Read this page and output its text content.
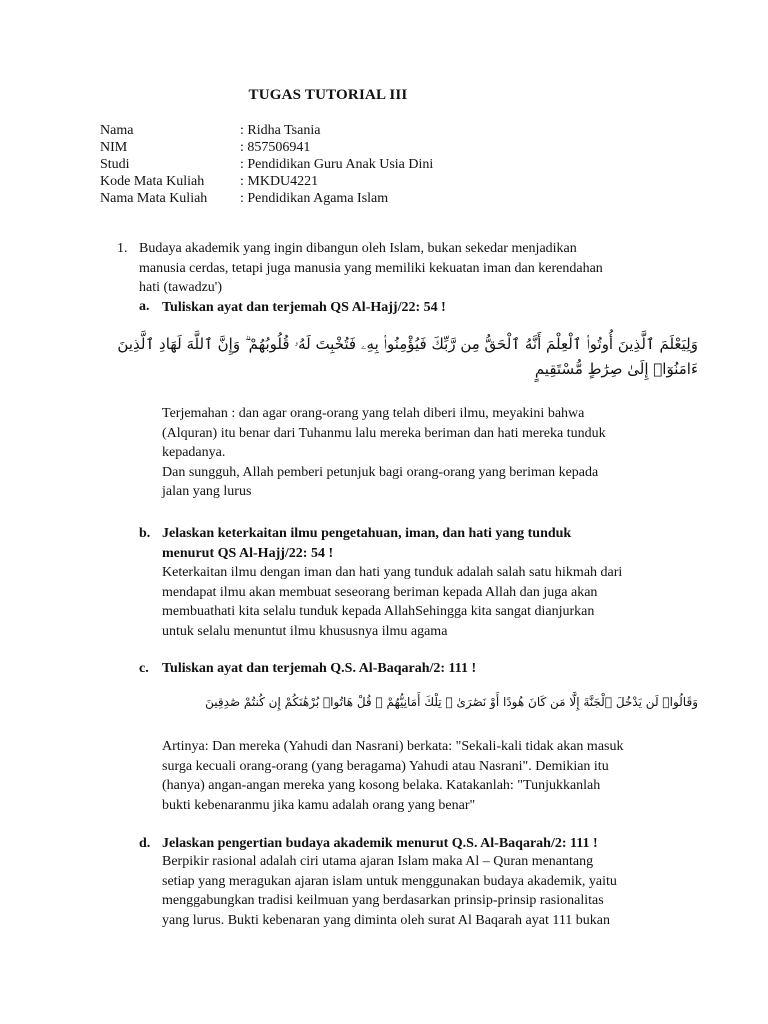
TUGAS TUTORIAL III
Nama	: Ridha Tsania
NIM	: 857506941
Studi	: Pendidikan Guru Anak Usia Dini
Kode Mata Kuliah	: MKDU4221
Nama Mata Kuliah : Pendidikan Agama Islam
1. Budaya akademik yang ingin dibangun oleh Islam, bukan sekedar menjadikan
manusia cerdas, tetapi juga manusia yang memiliki kekuatan iman dan kerendahan
hati (tawadzu')
a. Tuliskan ayat dan terjemah QS Al-Hajj/22: 54 !
وَلِيَعْلَمَ ٱلَّذِينَ أُوتُوا۟ ٱلْعِلْمَ أَنَّهُ ٱلْحَقُّ مِن رَّبِّكَ فَيُؤْمِنُوا۟ بِهِۦ فَتُخْبِتَ لَهُۥ قُلُوبُهُمْ ۗ وَإِنَّ ٱللَّهَ لَهَادِ ٱلَّذِينَ
ءَامَنُوٓا۟ إِلَىٰ صِرَٰطٍ مُّسْتَقِيمٍ
Terjemahan : dan agar orang-orang yang telah diberi ilmu, meyakini bahwa
(Alquran) itu benar dari Tuhanmu lalu mereka beriman dan hati mereka tunduk
kepadanya.
Dan sungguh, Allah pemberi petunjuk bagi orang-orang yang beriman kepada
jalan yang lurus
b. Jelaskan keterkaitan ilmu pengetahuan, iman, dan hati yang tunduk
menurut QS Al-Hajj/22: 54 !
Keterkaitan ilmu dengan iman dan hati yang tunduk adalah salah satu hikmah dari
mendapat ilmu akan membuat seseorang beriman kepada Allah dan juga akan
membuathati kita selalu tunduk kepada AllahSehingga kita sangat dianjurkan
untuk selalu menuntut ilmu khususnya ilmu agama
c. Tuliskan ayat dan terjemah Q.S. Al-Baqarah/2: 111 !
وَقَالُوا۟ لَن يَدْخُلَ ٱلْجَنَّةَ إِلَّا مَن كَانَ هُودًا أَوْ نَصَٰرَىٰ ۗ تِلْكَ أَمَانِيُّهُمْ ۗ قُلْ هَاتُوا۟ بُرْهَٰنَكُمْ إِن كُنتُمْ صَٰدِقِينَ
Artinya: Dan mereka (Yahudi dan Nasrani) berkata: "Sekali-kali tidak akan masuk
surga kecuali orang-orang (yang beragama) Yahudi atau Nasrani". Demikian itu
(hanya) angan-angan mereka yang kosong belaka. Katakanlah: "Tunjukkanlah
bukti kebenaranmu jika kamu adalah orang yang benar"
d. Jelaskan pengertian budaya akademik menurut Q.S. Al-Baqarah/2: 111 !
Berpikir rasional adalah ciri utama ajaran Islam maka Al – Quran menantang
setiap yang meragukan ajaran islam untuk menggunakan budaya akademik, yaitu
menggabungkan tradisi keilmuan yang berdasarkan prinsip-prinsip rasionalitas
yang lurus. Bukti kebenaran yang diminta oleh surat Al Baqarah ayat 111 bukan
